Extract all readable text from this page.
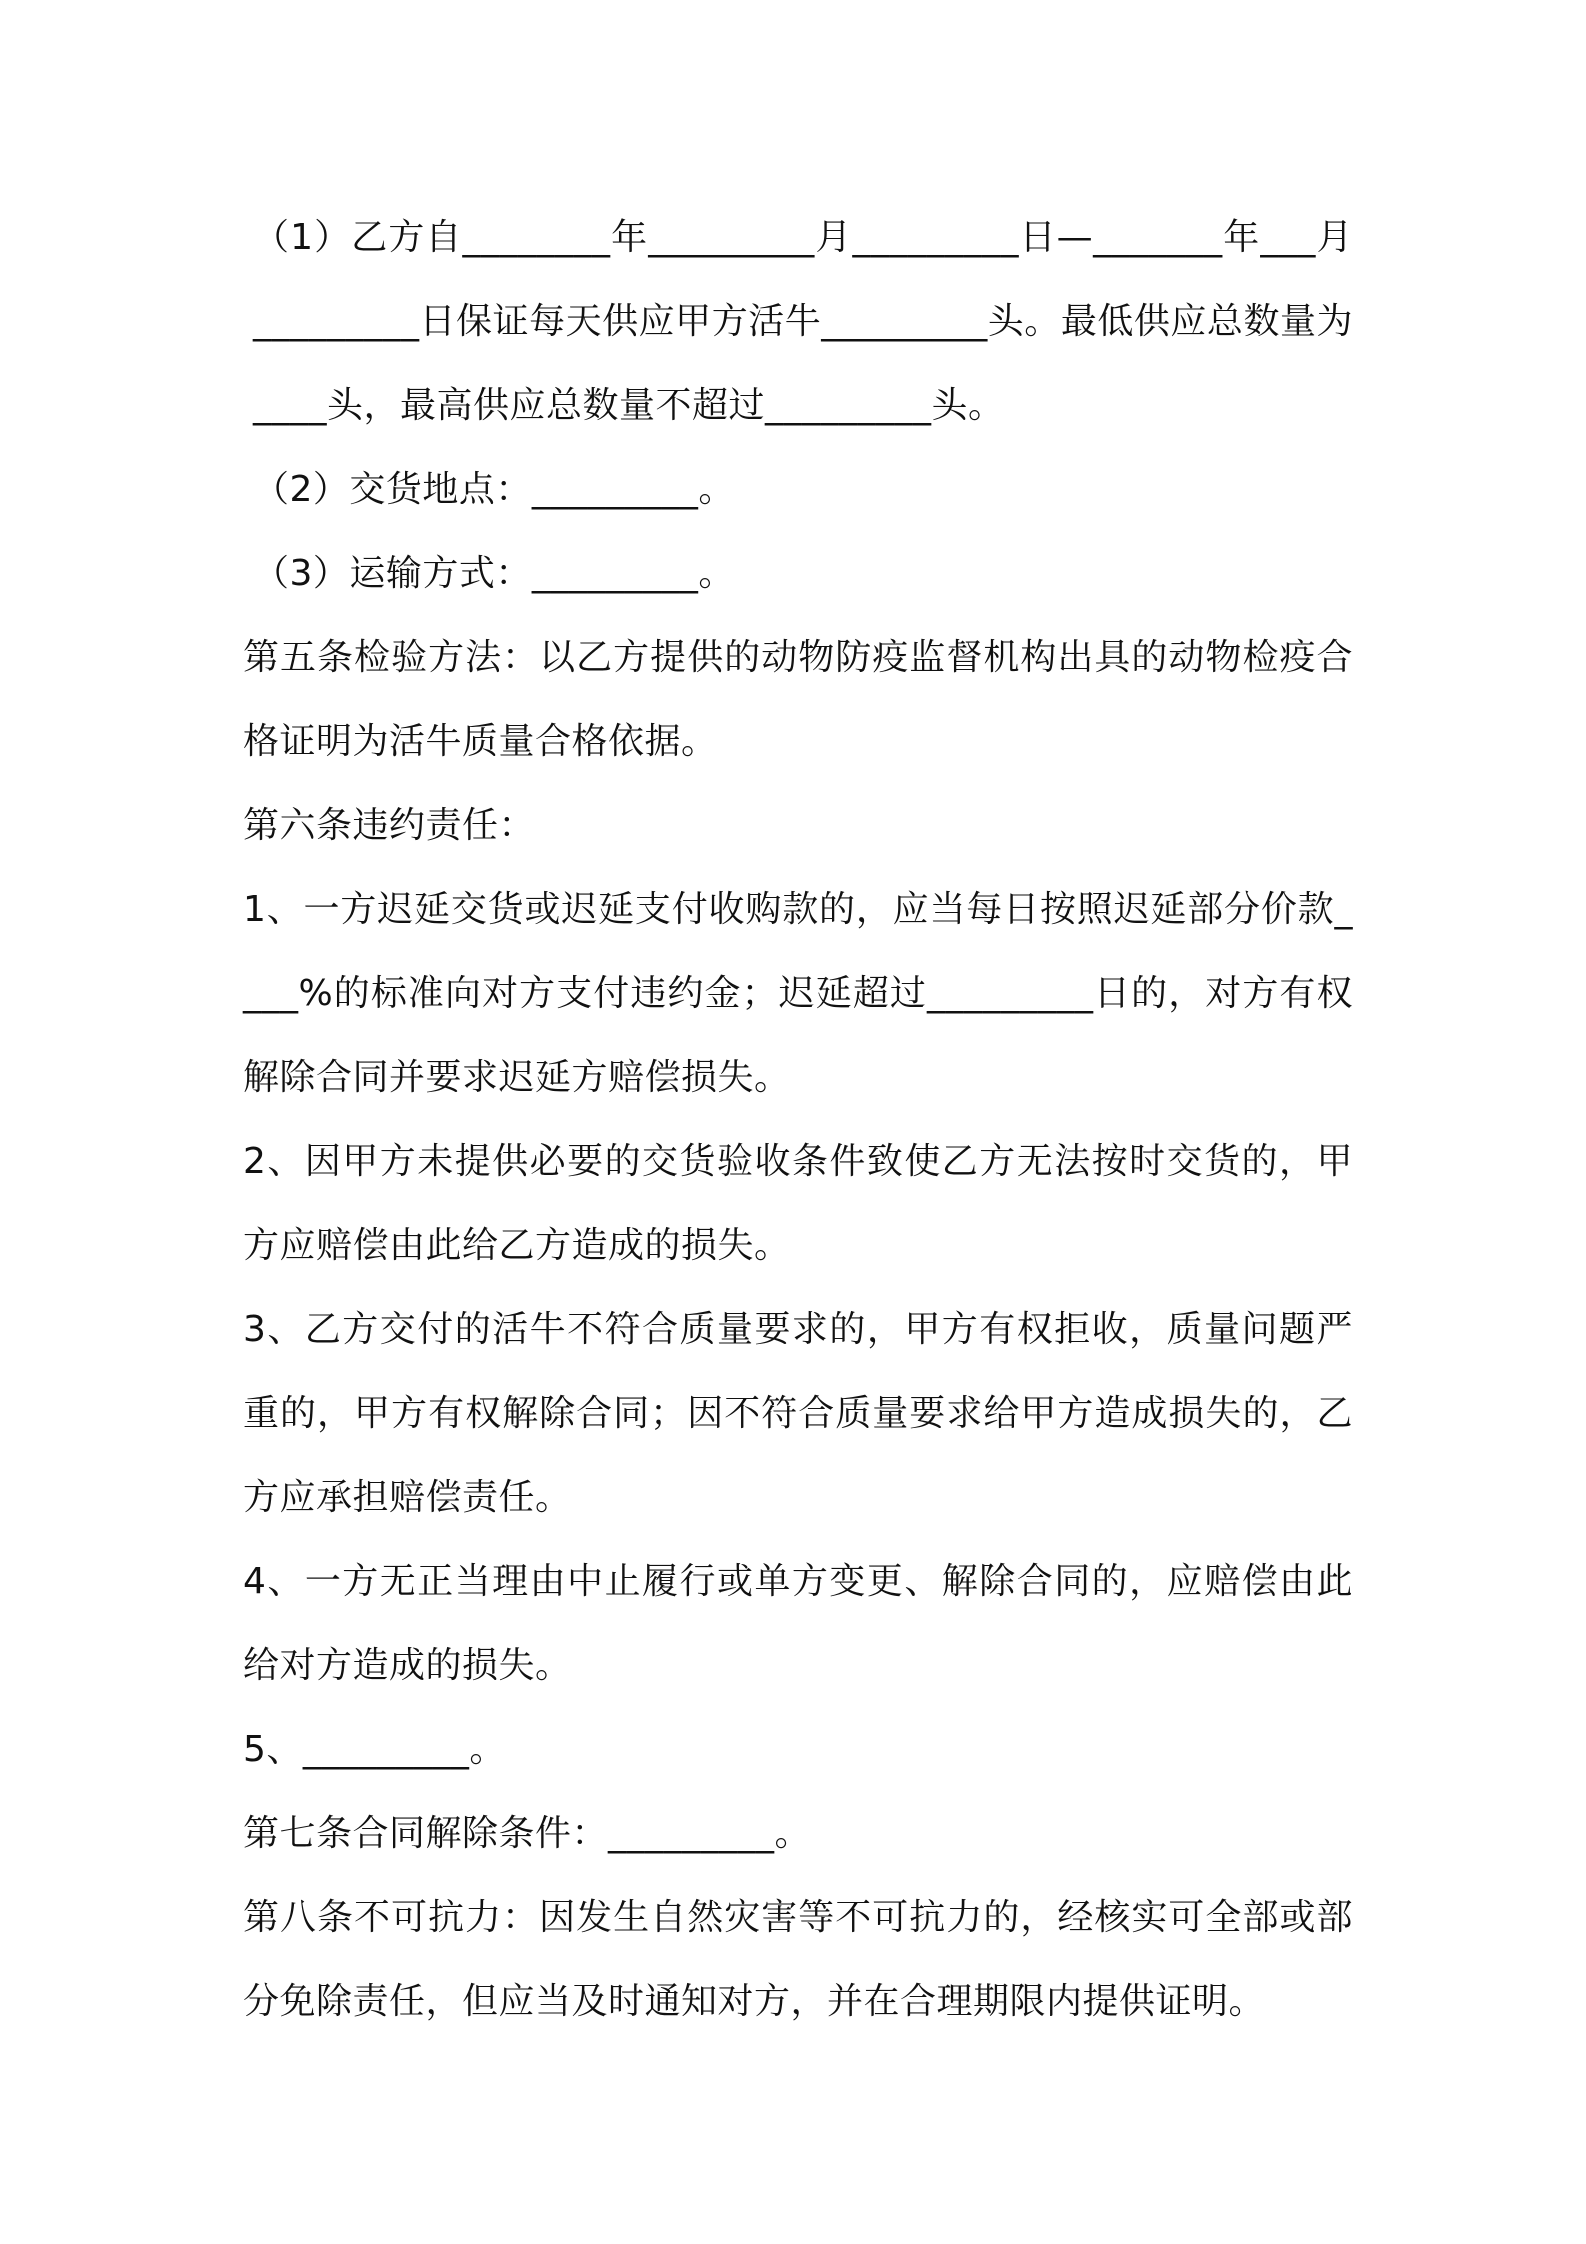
（1）乙方自________年_________月_________日—_______年___月_________日保证每天供应甲方活牛_________头。最低供应总数量为____头，最高供应总数量不超过_________头。

（2）交货地点：_________。

（3）运输方式：_________。

第五条检验方法：以乙方提供的动物防疫监督机构出具的动物检疫合格证明为活牛质量合格依据。

第六条违约责任：

1、一方迟延交货或迟延支付收购款的，应当每日按照迟延部分价款____%的标准向对方支付违约金；迟延超过_________日的，对方有权解除合同并要求迟延方赔偿损失。

2、因甲方未提供必要的交货验收条件致使乙方无法按时交货的，甲方应赔偿由此给乙方造成的损失。

3、乙方交付的活牛不符合质量要求的，甲方有权拒收，质量问题严重的，甲方有权解除合同；因不符合质量要求给甲方造成损失的，乙方应承担赔偿责任。

4、一方无正当理由中止履行或单方变更、解除合同的，应赔偿由此给对方造成的损失。

5、_________。

第七条合同解除条件：_________。

第八条不可抗力：因发生自然灾害等不可抗力的，经核实可全部或部分免除责任，但应当及时通知对方，并在合理期限内提供证明。
